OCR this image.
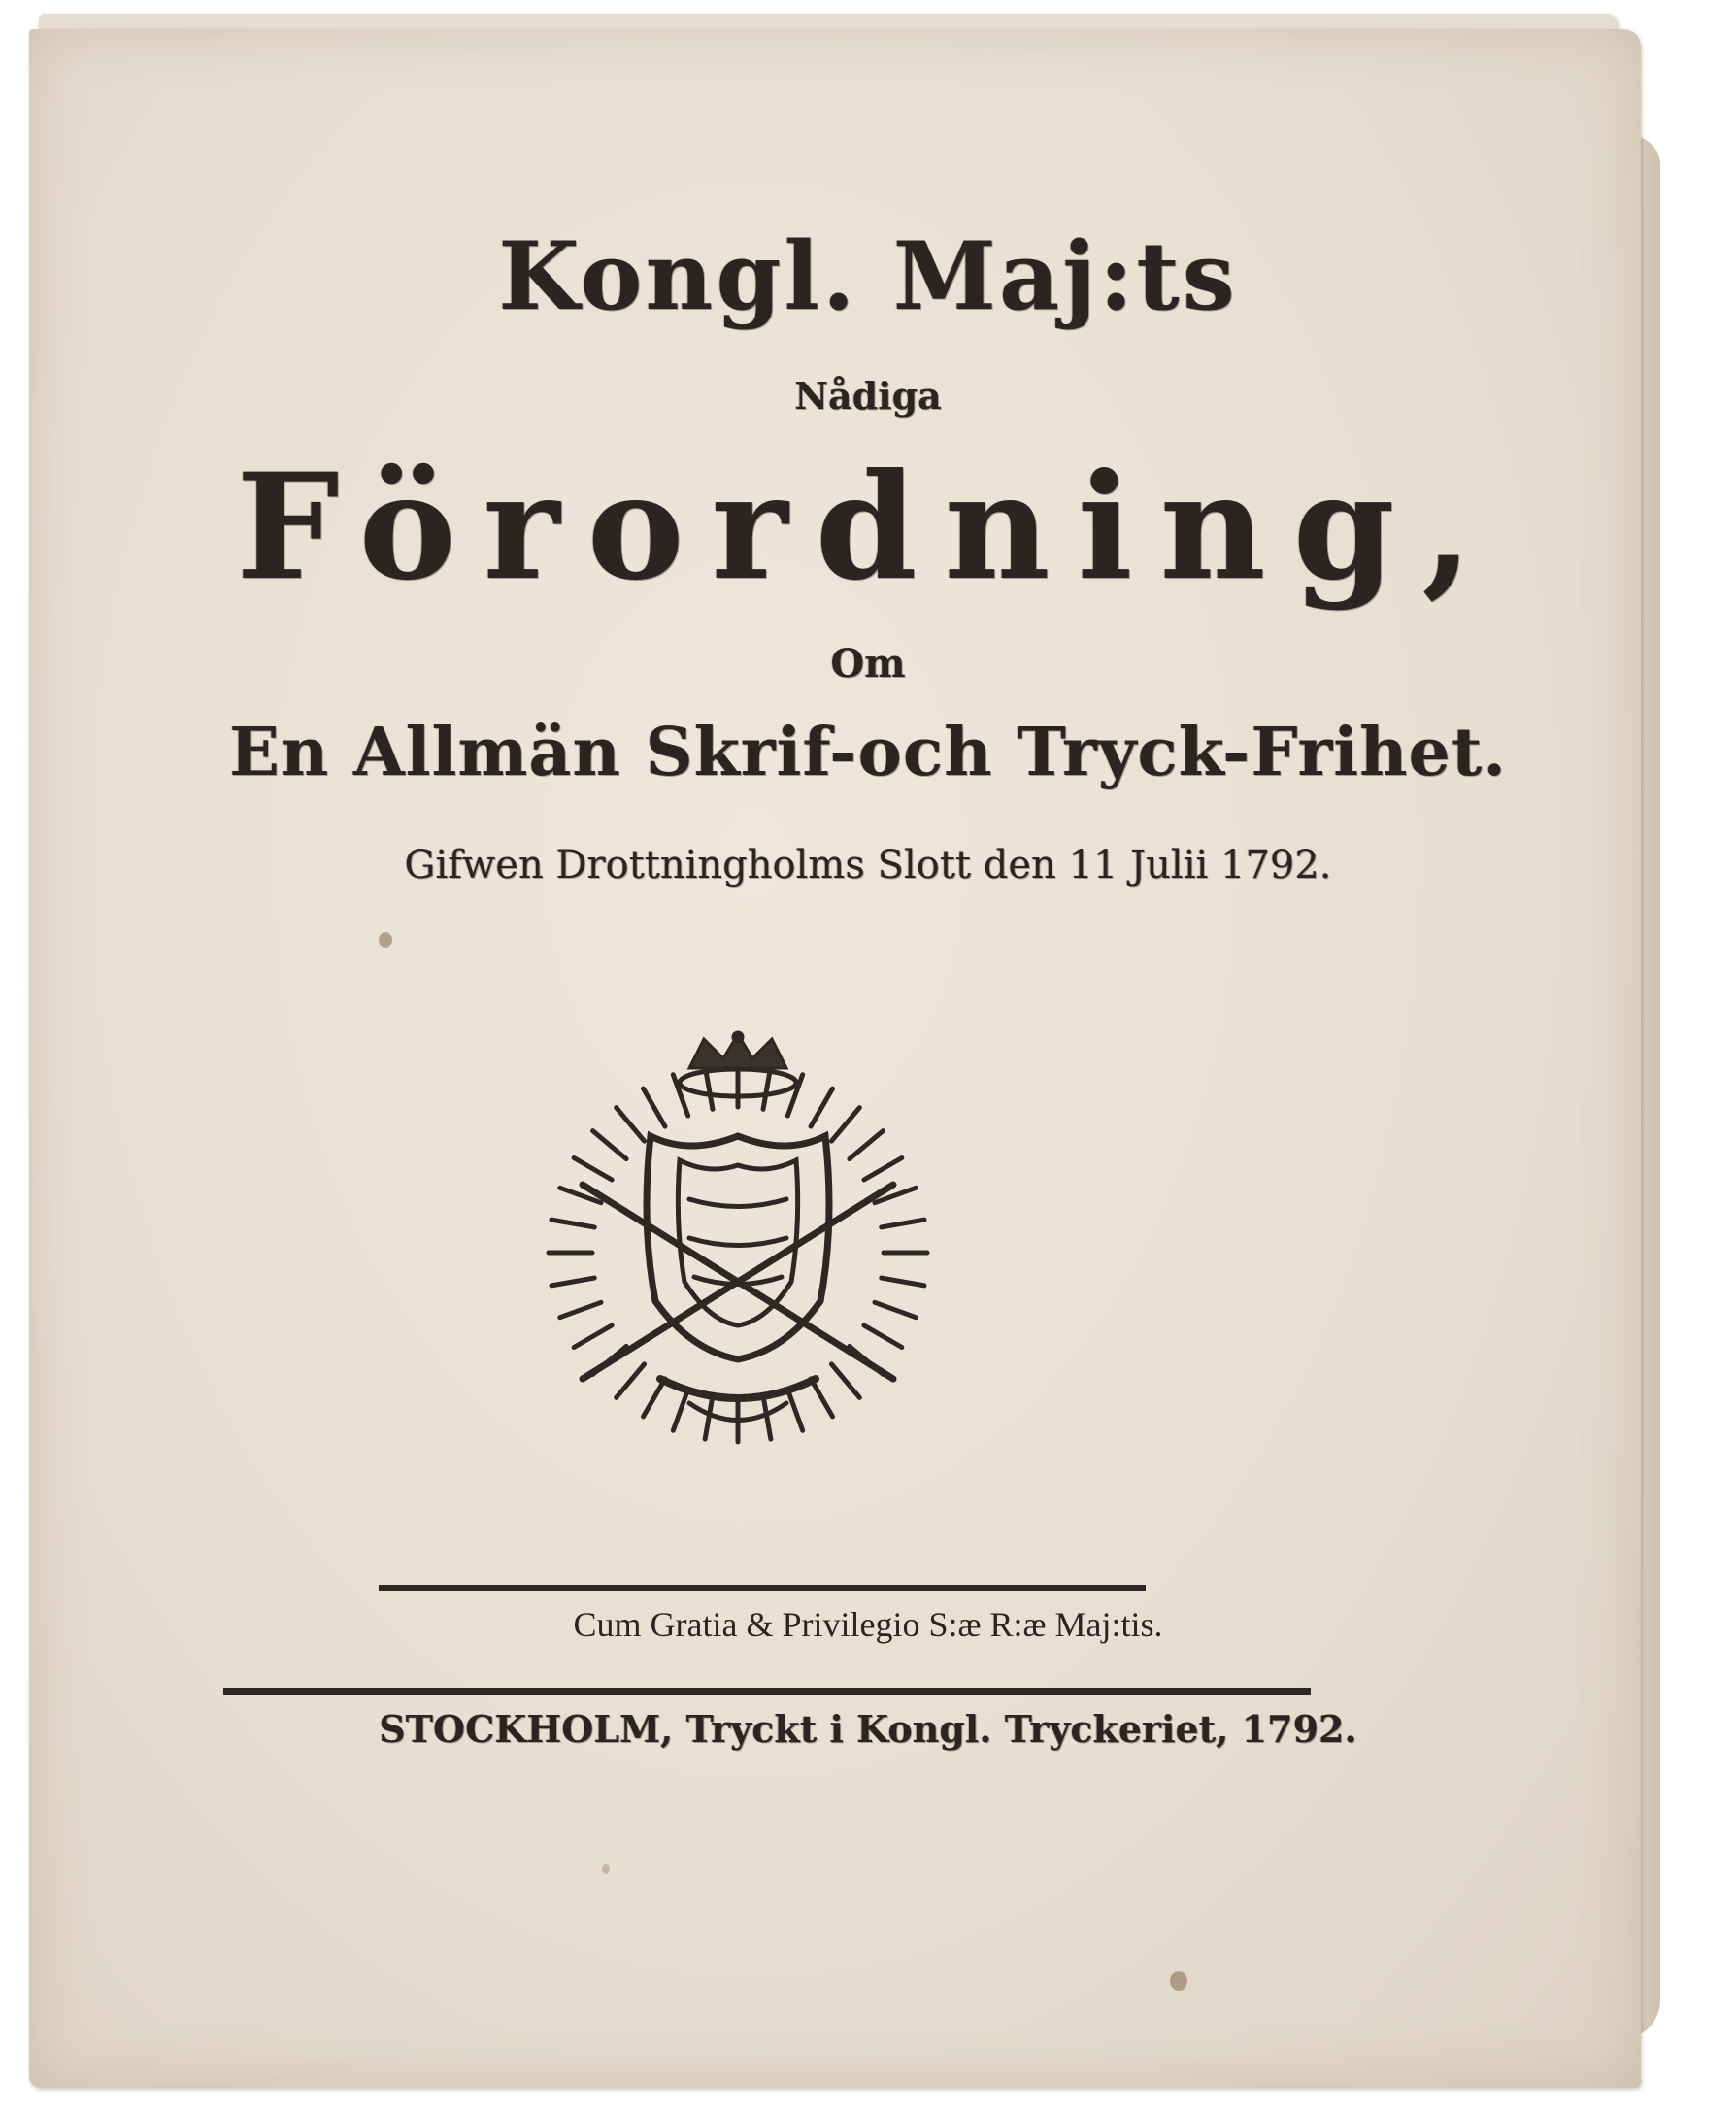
Kongl. Maj:ts
Nådiga
Förordning,
Om
En Allmän Skrif-och Tryck-Frihet.
Gifwen Drottningholms Slott den 11 Julii 1792.
Cum Gratia & Privilegio S:æ R:æ Maj:tis.
STOCKHOLM, Tryckt i Kongl. Tryckeriet, 1792.
